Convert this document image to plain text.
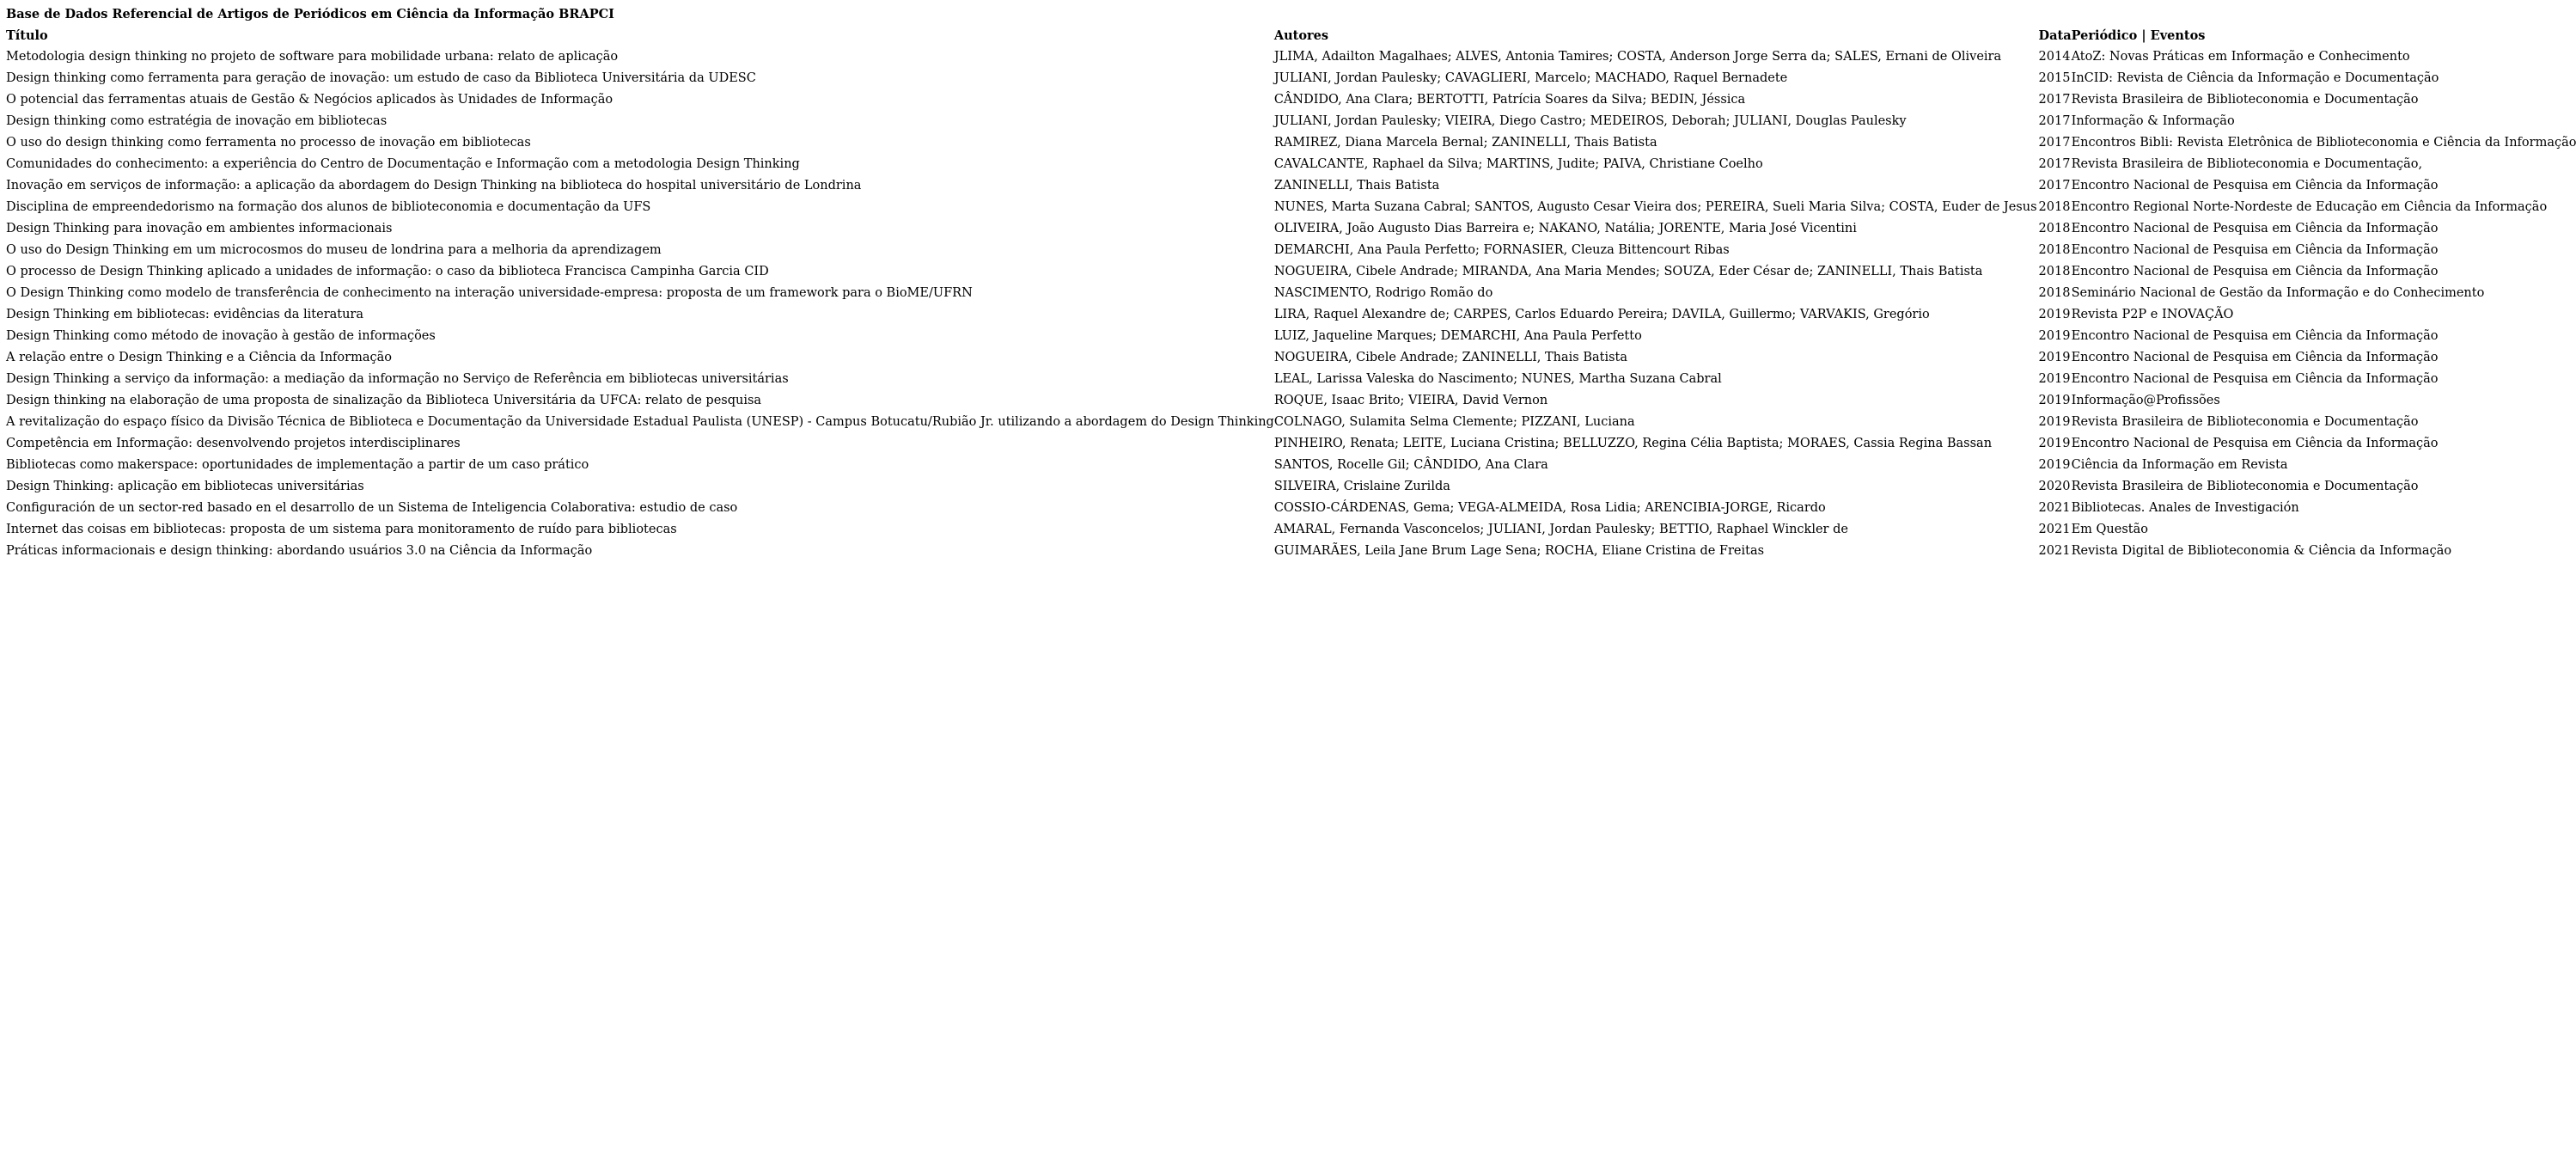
Base de Dados Referencial de Artigos de Periódicos em Ciência da Informação BRAPCI
Título	Autores	Data	Periódico | Eventos
Metodologia design thinking no projeto de software para mobilidade urbana: relato de aplicação	JLIMA, Adailton Magalhaes; ALVES, Antonia Tamires; COSTA, Anderson Jorge Serra da; SALES, Ernani de Oliveira	2014	AtoZ: Novas Práticas em Informação e Conhecimento
Design thinking como ferramenta para geração de inovação: um estudo de caso da Biblioteca Universitária da UDESC	JULIANI, Jordan Paulesky; CAVAGLIERI, Marcelo; MACHADO, Raquel Bernadete	2015	InCID: Revista de Ciência da Informação e Documentação
O potencial das ferramentas atuais de Gestão & Negócios aplicados às Unidades de Informação	CÂNDIDO, Ana Clara; BERTOTTI, Patrícia Soares da Silva; BEDIN, Jéssica	2017	Revista Brasileira de Biblioteconomia e Documentação
Design thinking como estratégia de inovação em bibliotecas	JULIANI, Jordan Paulesky; VIEIRA, Diego Castro; MEDEIROS, Deborah; JULIANI, Douglas Paulesky	2017	Informação & Informação
O uso do design thinking como ferramenta no processo de inovação em bibliotecas	RAMIREZ, Diana Marcela Bernal; ZANINELLI, Thais Batista	2017	Encontros Bibli: Revista Eletrônica de Biblioteconomia e Ciência da Informação
Comunidades do conhecimento: a experiência do Centro de Documentação e Informação com a metodologia Design Thinking	CAVALCANTE, Raphael da Silva; MARTINS, Judite; PAIVA, Christiane Coelho	2017	Revista Brasileira de Biblioteconomia e Documentação,
Inovação em serviços de informação: a aplicação da abordagem do Design Thinking na biblioteca do hospital universitário de Londrina	ZANINELLI, Thais Batista	2017	Encontro Nacional de Pesquisa em Ciência da Informação
Disciplina de empreendedorismo na formação dos alunos de biblioteconomia e documentação da UFS	NUNES, Marta Suzana Cabral; SANTOS, Augusto Cesar Vieira dos; PEREIRA, Sueli Maria Silva; COSTA, Euder de Jesus	2018	Encontro Regional Norte-Nordeste de Educação em Ciência da Informação
Design Thinking para inovação em ambientes informacionais	OLIVEIRA, João Augusto Dias Barreira e; NAKANO, Natália; JORENTE, Maria José Vicentini	2018	Encontro Nacional de Pesquisa em Ciência da Informação
O uso do Design Thinking em um microcosmos do museu de londrina para a melhoria da aprendizagem	DEMARCHI, Ana Paula Perfetto; FORNASIER, Cleuza Bittencourt Ribas	2018	Encontro Nacional de Pesquisa em Ciência da Informação
O processo de Design Thinking aplicado a unidades de informação: o caso da biblioteca Francisca Campinha Garcia CID	NOGUEIRA, Cibele Andrade; MIRANDA, Ana Maria Mendes; SOUZA, Eder César de; ZANINELLI, Thais Batista	2018	Encontro Nacional de Pesquisa em Ciência da Informação
O Design Thinking como modelo de transferência de conhecimento na interação universidade-empresa: proposta de um framework para o BioME/UFRN	NASCIMENTO, Rodrigo Romão do	2018	Seminário Nacional de Gestão da Informação e do Conhecimento
Design Thinking em bibliotecas: evidências da literatura	LIRA, Raquel Alexandre de; CARPES, Carlos Eduardo Pereira; DAVILA, Guillermo; VARVAKIS, Gregório	2019	Revista P2P e INOVAÇÃO
Design Thinking como método de inovação à gestão de informações	LUIZ, Jaqueline Marques; DEMARCHI, Ana Paula Perfetto	2019	Encontro Nacional de Pesquisa em Ciência da Informação
A relação entre o Design Thinking e a Ciência da Informação	NOGUEIRA, Cibele Andrade; ZANINELLI, Thais Batista	2019	Encontro Nacional de Pesquisa em Ciência da Informação
Design Thinking a serviço da informação: a mediação da informação no Serviço de Referência em bibliotecas universitárias	LEAL, Larissa Valeska do Nascimento; NUNES, Martha Suzana Cabral	2019	Encontro Nacional de Pesquisa em Ciência da Informação
Design thinking na elaboração de uma proposta de sinalização da Biblioteca Universitária da UFCA: relato de pesquisa	ROQUE, Isaac Brito; VIEIRA, David Vernon	2019	Informação@Profissões
A revitalização do espaço físico da Divisão Técnica de Biblioteca e Documentação da Universidade Estadual Paulista (UNESP) - Campus Botucatu/Rubião Jr. utilizando a abordagem do Design Thinking	COLNAGO, Sulamita Selma Clemente; PIZZANI, Luciana	2019	Revista Brasileira de Biblioteconomia e Documentação
Competência em Informação: desenvolvendo projetos interdisciplinares	PINHEIRO, Renata; LEITE, Luciana Cristina; BELLUZZO, Regina Célia Baptista; MORAES, Cassia Regina Bassan	2019	Encontro Nacional de Pesquisa em Ciência da Informação
Bibliotecas como makerspace: oportunidades de implementação a partir de um caso prático	SANTOS, Rocelle Gil; CÂNDIDO, Ana Clara	2019	Ciência da Informação em Revista
Design Thinking: aplicação em bibliotecas universitárias	SILVEIRA, Crislaine Zurilda	2020	Revista Brasileira de Biblioteconomia e Documentação
Configuración de un sector-red basado en el desarrollo de un Sistema de Inteligencia Colaborativa: estudio de caso	COSSIO-CÁRDENAS, Gema; VEGA-ALMEIDA, Rosa Lidia; ARENCIBIA-JORGE, Ricardo	2021	Bibliotecas. Anales de Investigación
Internet das coisas em bibliotecas: proposta de um sistema para monitoramento de ruído para bibliotecas	AMARAL, Fernanda Vasconcelos; JULIANI, Jordan Paulesky; BETTIO, Raphael Winckler de	2021	Em Questão
Práticas informacionais e design thinking: abordando usuários 3.0 na Ciência da Informação	GUIMARÃES, Leila Jane Brum Lage Sena; ROCHA, Eliane Cristina de Freitas	2021	Revista Digital de Biblioteconomia & Ciência da Informação
